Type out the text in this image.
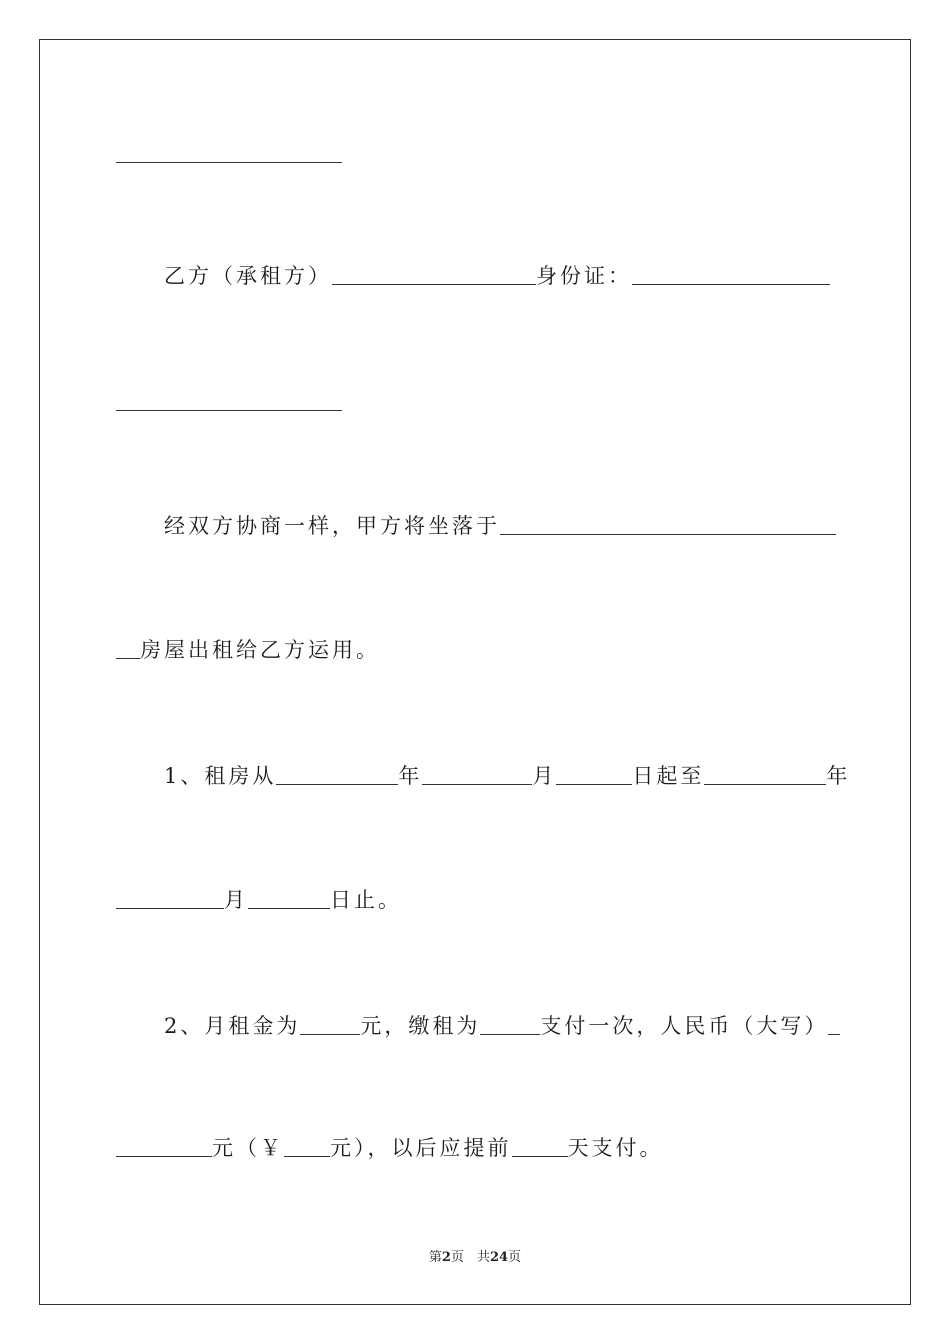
乙方（承租方）	身份证：
经双方协商一样，甲方将坐落于
房屋出租给乙方运用。
1、租房从	年	月	日起至	年
月	日止。
2、月租金为	元，缴租为	支付一次，人民币（大写）
元（￥ 元），以后应提前	天支付。
第2页　共24页
